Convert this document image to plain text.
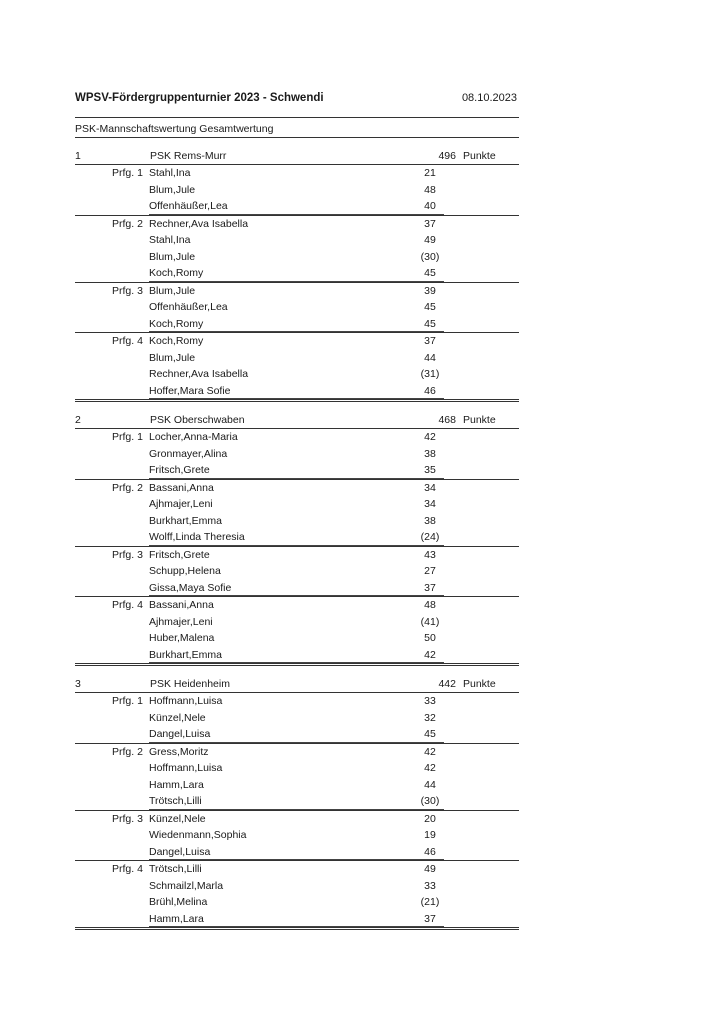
WPSV-Fördergruppenturnier 2023 - Schwendi	08.10.2023
PSK-Mannschaftswertung Gesamtwertung
1	PSK Rems-Murr	496 Punkte
Prfg. 1 Stahl,Ina	21
Blum,Jule	48
Offenhäußer,Lea	40
Prfg. 2 Rechner,Ava Isabella	37
Stahl,Ina	49
Blum,Jule	(30)
Koch,Romy	45
Prfg. 3 Blum,Jule	39
Offenhäußer,Lea	45
Koch,Romy	45
Prfg. 4 Koch,Romy	37
Blum,Jule	44
Rechner,Ava Isabella	(31)
Hoffer,Mara Sofie	46
2	PSK Oberschwaben	468 Punkte
Prfg. 1 Locher,Anna-Maria	42
Gronmayer,Alina	38
Fritsch,Grete	35
Prfg. 2 Bassani,Anna	34
Ajhmajer,Leni	34
Burkhart,Emma	38
Wolff,Linda Theresia	(24)
Prfg. 3 Fritsch,Grete	43
Schupp,Helena	27
Gissa,Maya Sofie	37
Prfg. 4 Bassani,Anna	48
Ajhmajer,Leni	(41)
Huber,Malena	50
Burkhart,Emma	42
3	PSK Heidenheim	442 Punkte
Prfg. 1 Hoffmann,Luisa	33
Künzel,Nele	32
Dangel,Luisa	45
Prfg. 2 Gress,Moritz	42
Hoffmann,Luisa	42
Hamm,Lara	44
Trötsch,Lilli	(30)
Prfg. 3 Künzel,Nele	20
Wiedenmann,Sophia	19
Dangel,Luisa	46
Prfg. 4 Trötsch,Lilli	49
Schmailzl,Marla	33
Brühl,Melina	(21)
Hamm,Lara	37
